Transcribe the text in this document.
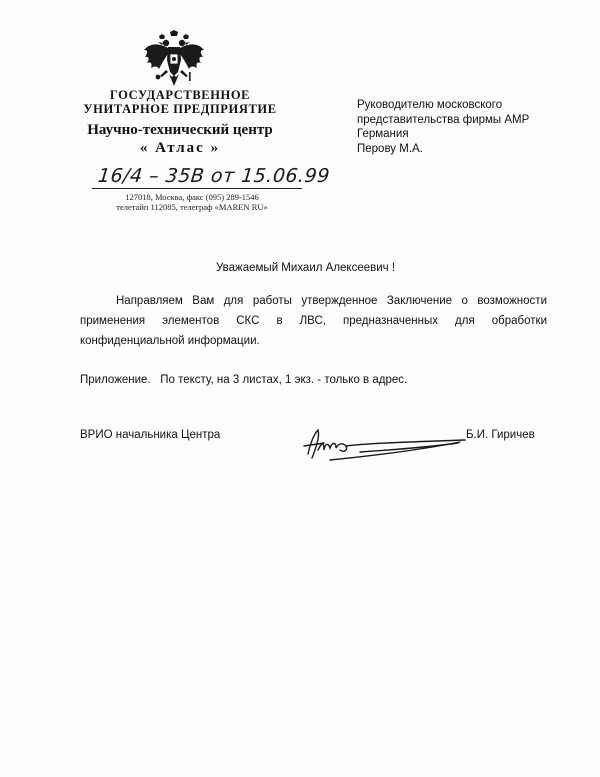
ГОСУДАРСТВЕННОЕ
УНИТАРНОЕ ПРЕДПРИЯТИЕ
Научно-технический центр
« Атлас »
16/4 – 35В от 15.06.99
127018, Москва, факс (095) 289-1546
телетайп 112085, телеграф «MAREN RU»
Руководителю московского
представительства фирмы АМР
Германия
Перову М.А.
Уважаемый Михаил Алексеевич !
Направляем Вам для работы утвержденное Заключение о возможности применения элементов СКС в ЛВС, предназначенных для обработки конфиденциальной информации.
Приложение.   По тексту, на 3 листах, 1 экз. - только в адрес.
ВРИО начальника Центра	Б.И. Гиричев
